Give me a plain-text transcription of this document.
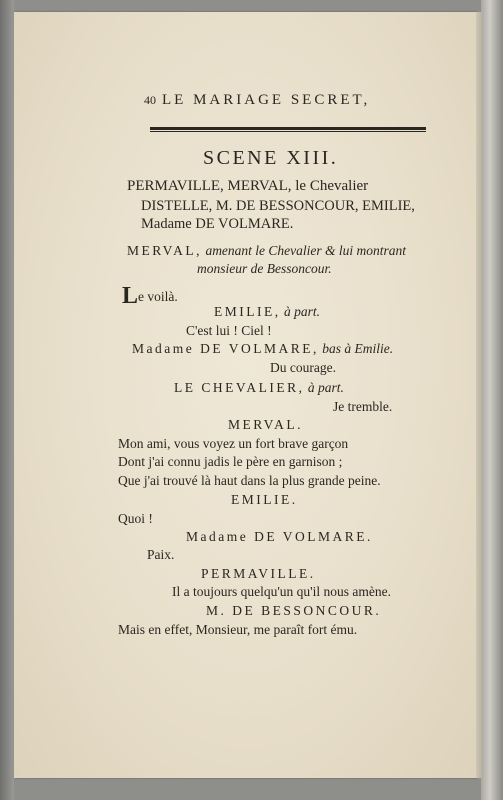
40 LE MARIAGE SECRET,
SCENE XIII.
PERMAVILLE, MERVAL, le Chevalier
DISTELLE, M. DE BESSONCOUR, EMILIE,
Madame DE VOLMARE.
MERVAL, amenant le Chevalier & lui montrant
monsieur de Bessoncour.
Le voilà.
EMILIE, à part.
C'est lui ! Ciel !
Madame DE VOLMARE, bas à Emilie.
Du courage.
LE CHEVALIER, à part.
Je tremble.
MERVAL.
Mon ami, vous voyez un fort brave garçon
Dont j'ai connu jadis le père en garnison ;
Que j'ai trouvé là haut dans la plus grande peine.
EMILIE.
Quoi !
Madame DE VOLMARE.
Paix.
PERMAVILLE.
Il a toujours quelqu'un qu'il nous amène.
M. DE BESSONCOUR.
Mais en effet, Monsieur, me paraît fort ému.
